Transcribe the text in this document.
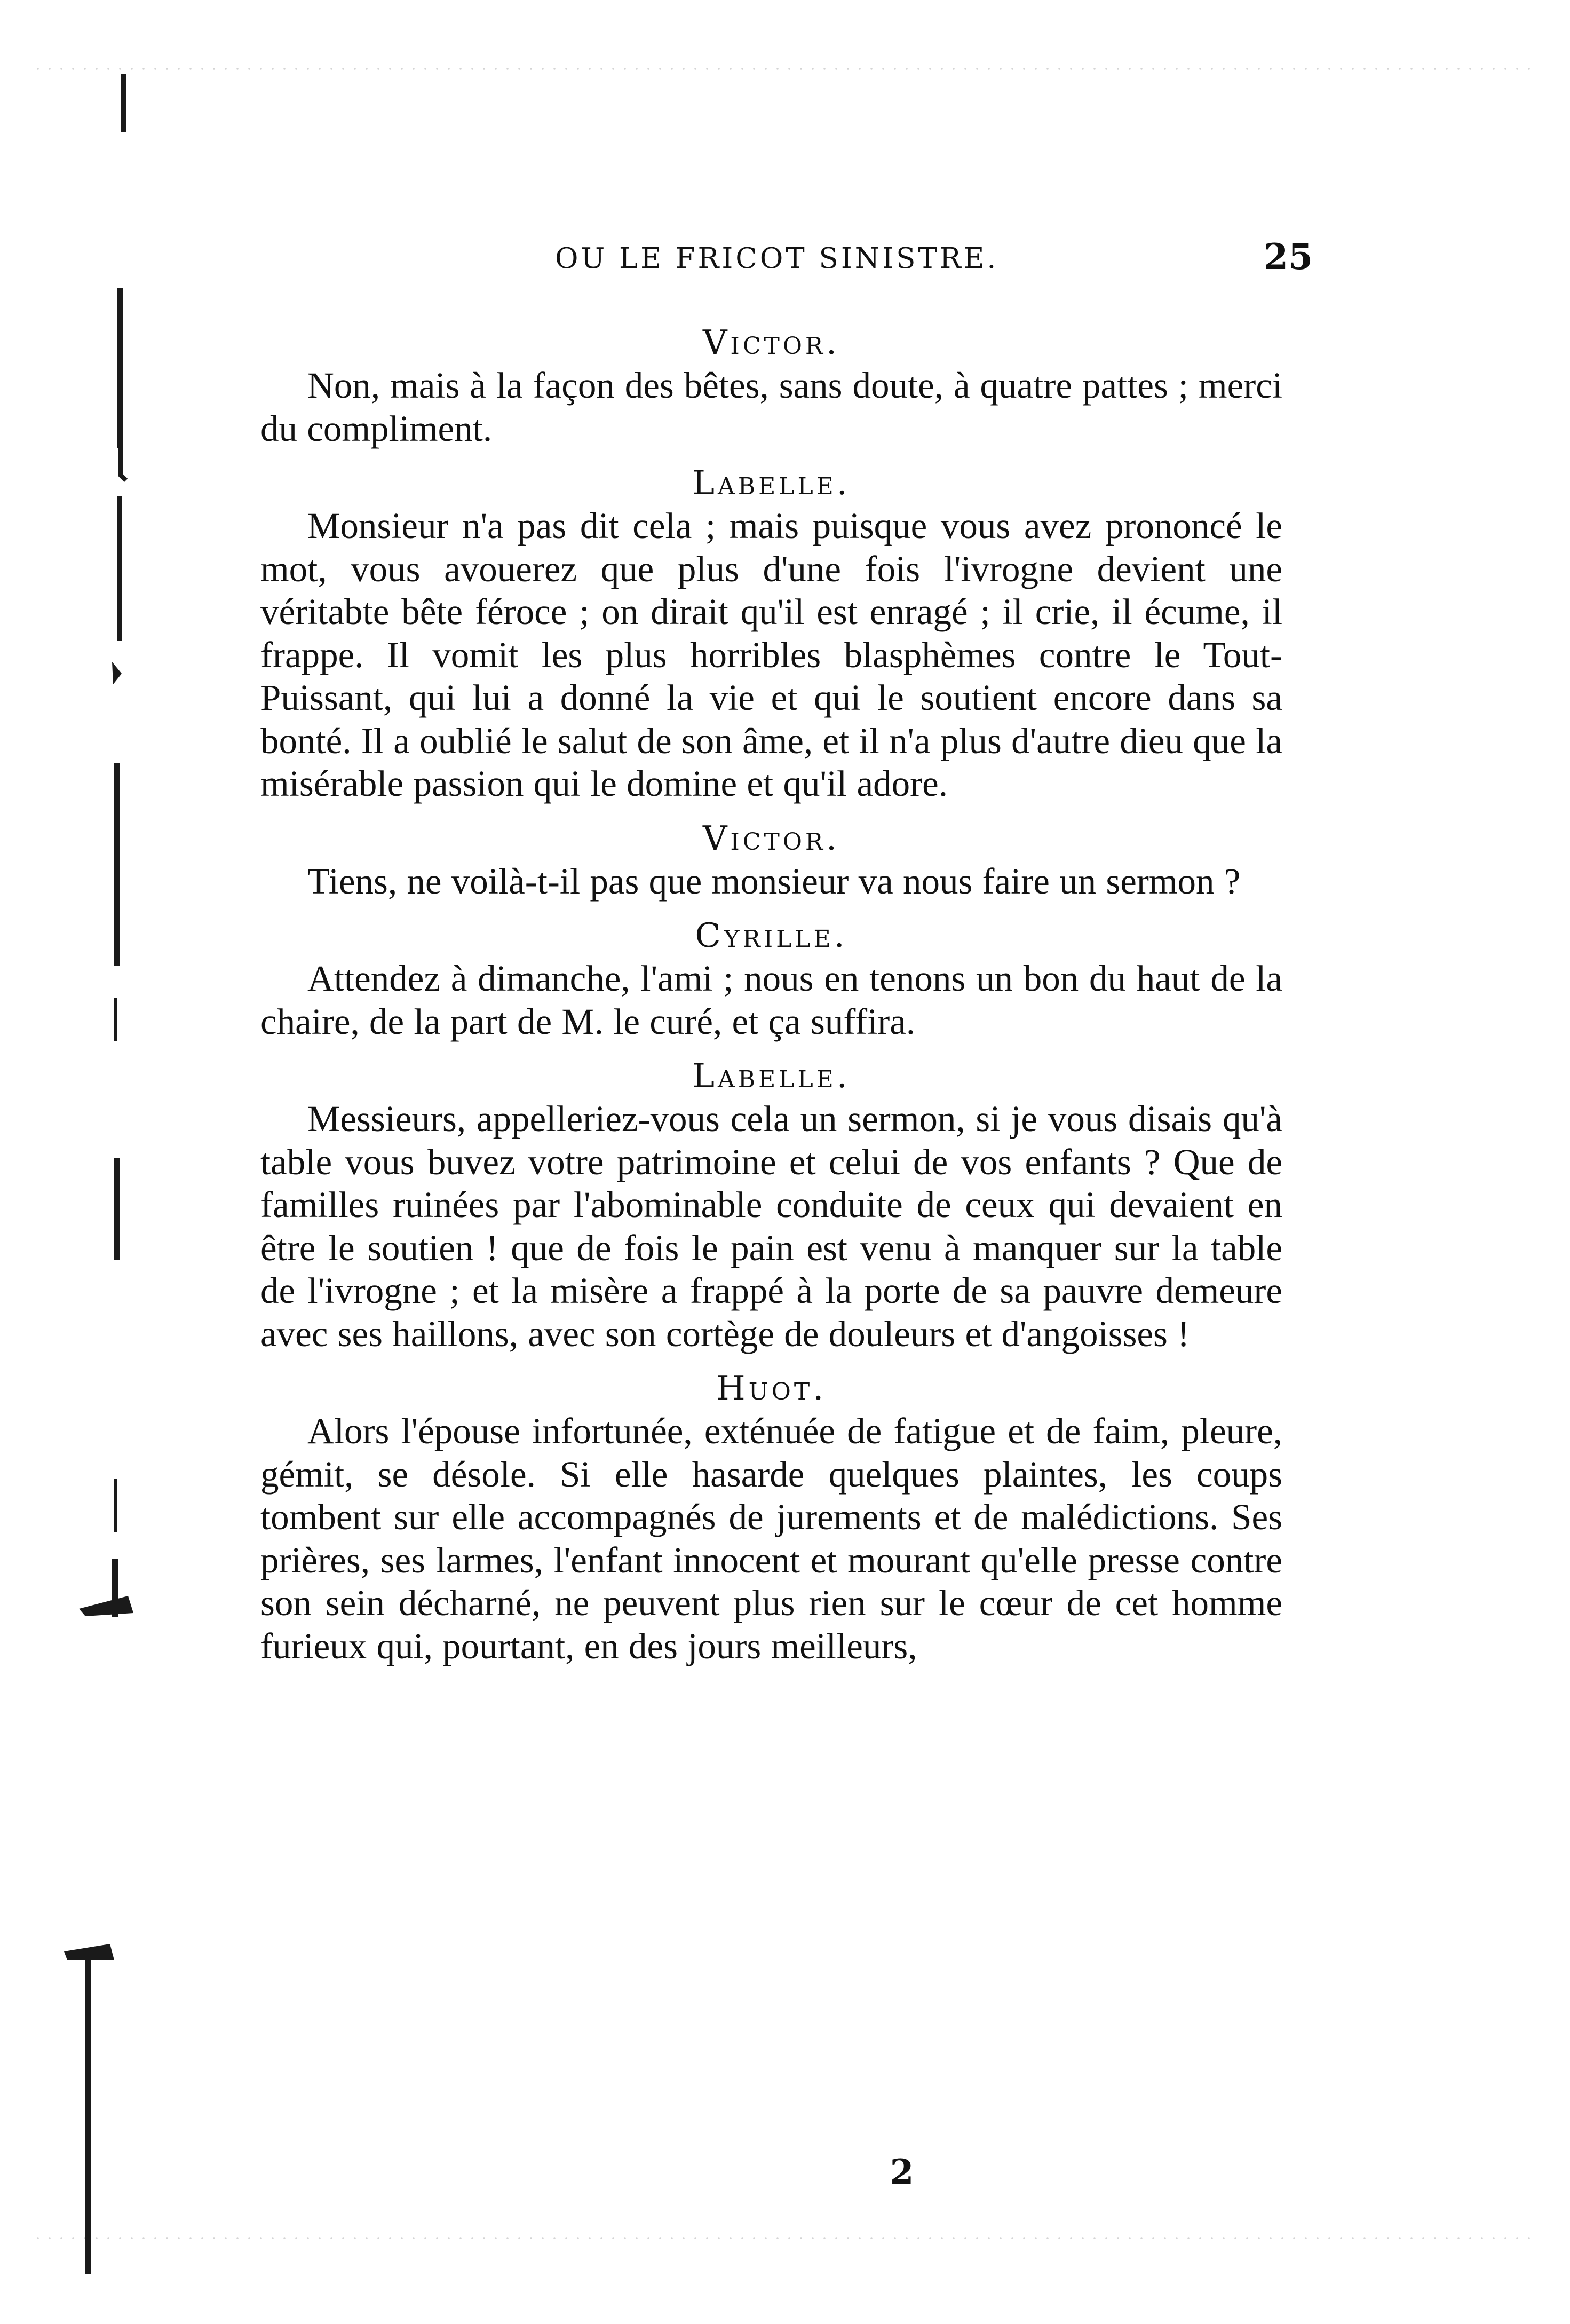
OU LE FRICOT SINISTRE.	25
Victor.

Non, mais à la façon des bêtes, sans doute, à quatre pattes ; merci du compliment.

Labelle.

Monsieur n'a pas dit cela ; mais puisque vous avez prononcé le mot, vous avouerez que plus d'une fois l'ivrogne devient une véritabte bête féroce ; on dirait qu'il est enragé ; il crie, il écume, il frappe. Il vomit les plus horribles blasphèmes contre le Tout-Puissant, qui lui a donné la vie et qui le soutient encore dans sa bonté. Il a oublié le salut de son âme, et il n'a plus d'autre dieu que la misérable passion qui le domine et qu'il adore.

Victor.

Tiens, ne voilà-t-il pas que monsieur va nous faire un sermon ?

Cyrille.

Attendez à dimanche, l'ami ; nous en tenons un bon du haut de la chaire, de la part de M. le curé, et ça suffira.

Labelle.

Messieurs, appelleriez-vous cela un sermon, si je vous disais qu'à table vous buvez votre patrimoine et celui de vos enfants ? Que de familles ruinées par l'abominable conduite de ceux qui devaient en être le soutien ! que de fois le pain est venu à manquer sur la table de l'ivrogne ; et la misère a frappé à la porte de sa pauvre demeure avec ses haillons, avec son cortège de douleurs et d'angoisses !

Huot.

Alors l'épouse infortunée, exténuée de fatigue et de faim, pleure, gémit, se désole. Si elle hasarde quelques plaintes, les coups tombent sur elle accompagnés de jurements et de malédictions. Ses prières, ses larmes, l'enfant innocent et mourant qu'elle presse contre son sein décharné, ne peuvent plus rien sur le cœur de cet homme furieux qui, pourtant, en des jours meilleurs,

2
